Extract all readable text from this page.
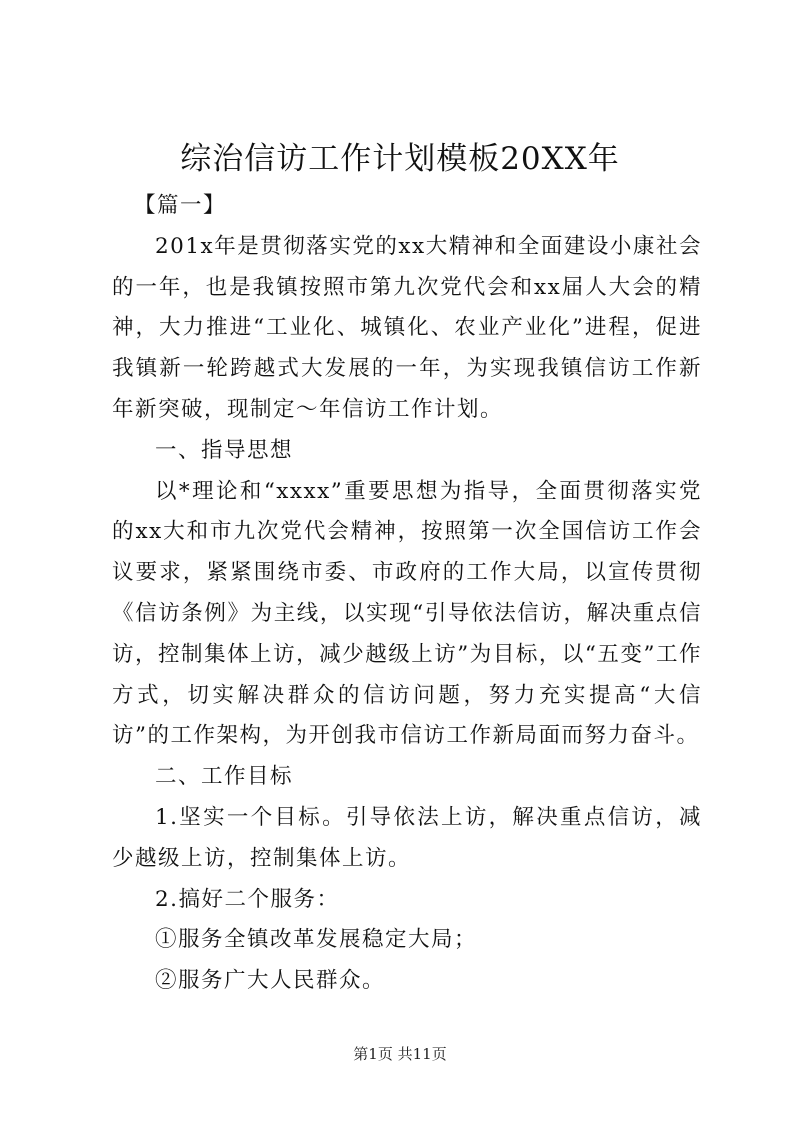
综治信访工作计划模板20XX年

【篇一】

201x年是贯彻落实党的xx大精神和全面建设小康社会的一年，也是我镇按照市第九次党代会和xx届人大会的精神，大力推进“工业化、城镇化、农业产业化”进程，促进我镇新一轮跨越式大发展的一年，为实现我镇信访工作新年新突破，现制定～年信访工作计划。

一、指导思想

以*理论和“xxxx”重要思想为指导，全面贯彻落实党的xx大和市九次党代会精神，按照第一次全国信访工作会议要求，紧紧围绕市委、市政府的工作大局，以宣传贯彻《信访条例》为主线，以实现“引导依法信访，解决重点信访，控制集体上访，减少越级上访”为目标，以“五变”工作方式，切实解决群众的信访问题，努力充实提高“大信访”的工作架构，为开创我市信访工作新局面而努力奋斗。

二、工作目标

1.坚实一个目标。引导依法上访，解决重点信访，减少越级上访，控制集体上访。

2.搞好二个服务：

①服务全镇改革发展稳定大局；

②服务广大人民群众。

第1页 共11页
